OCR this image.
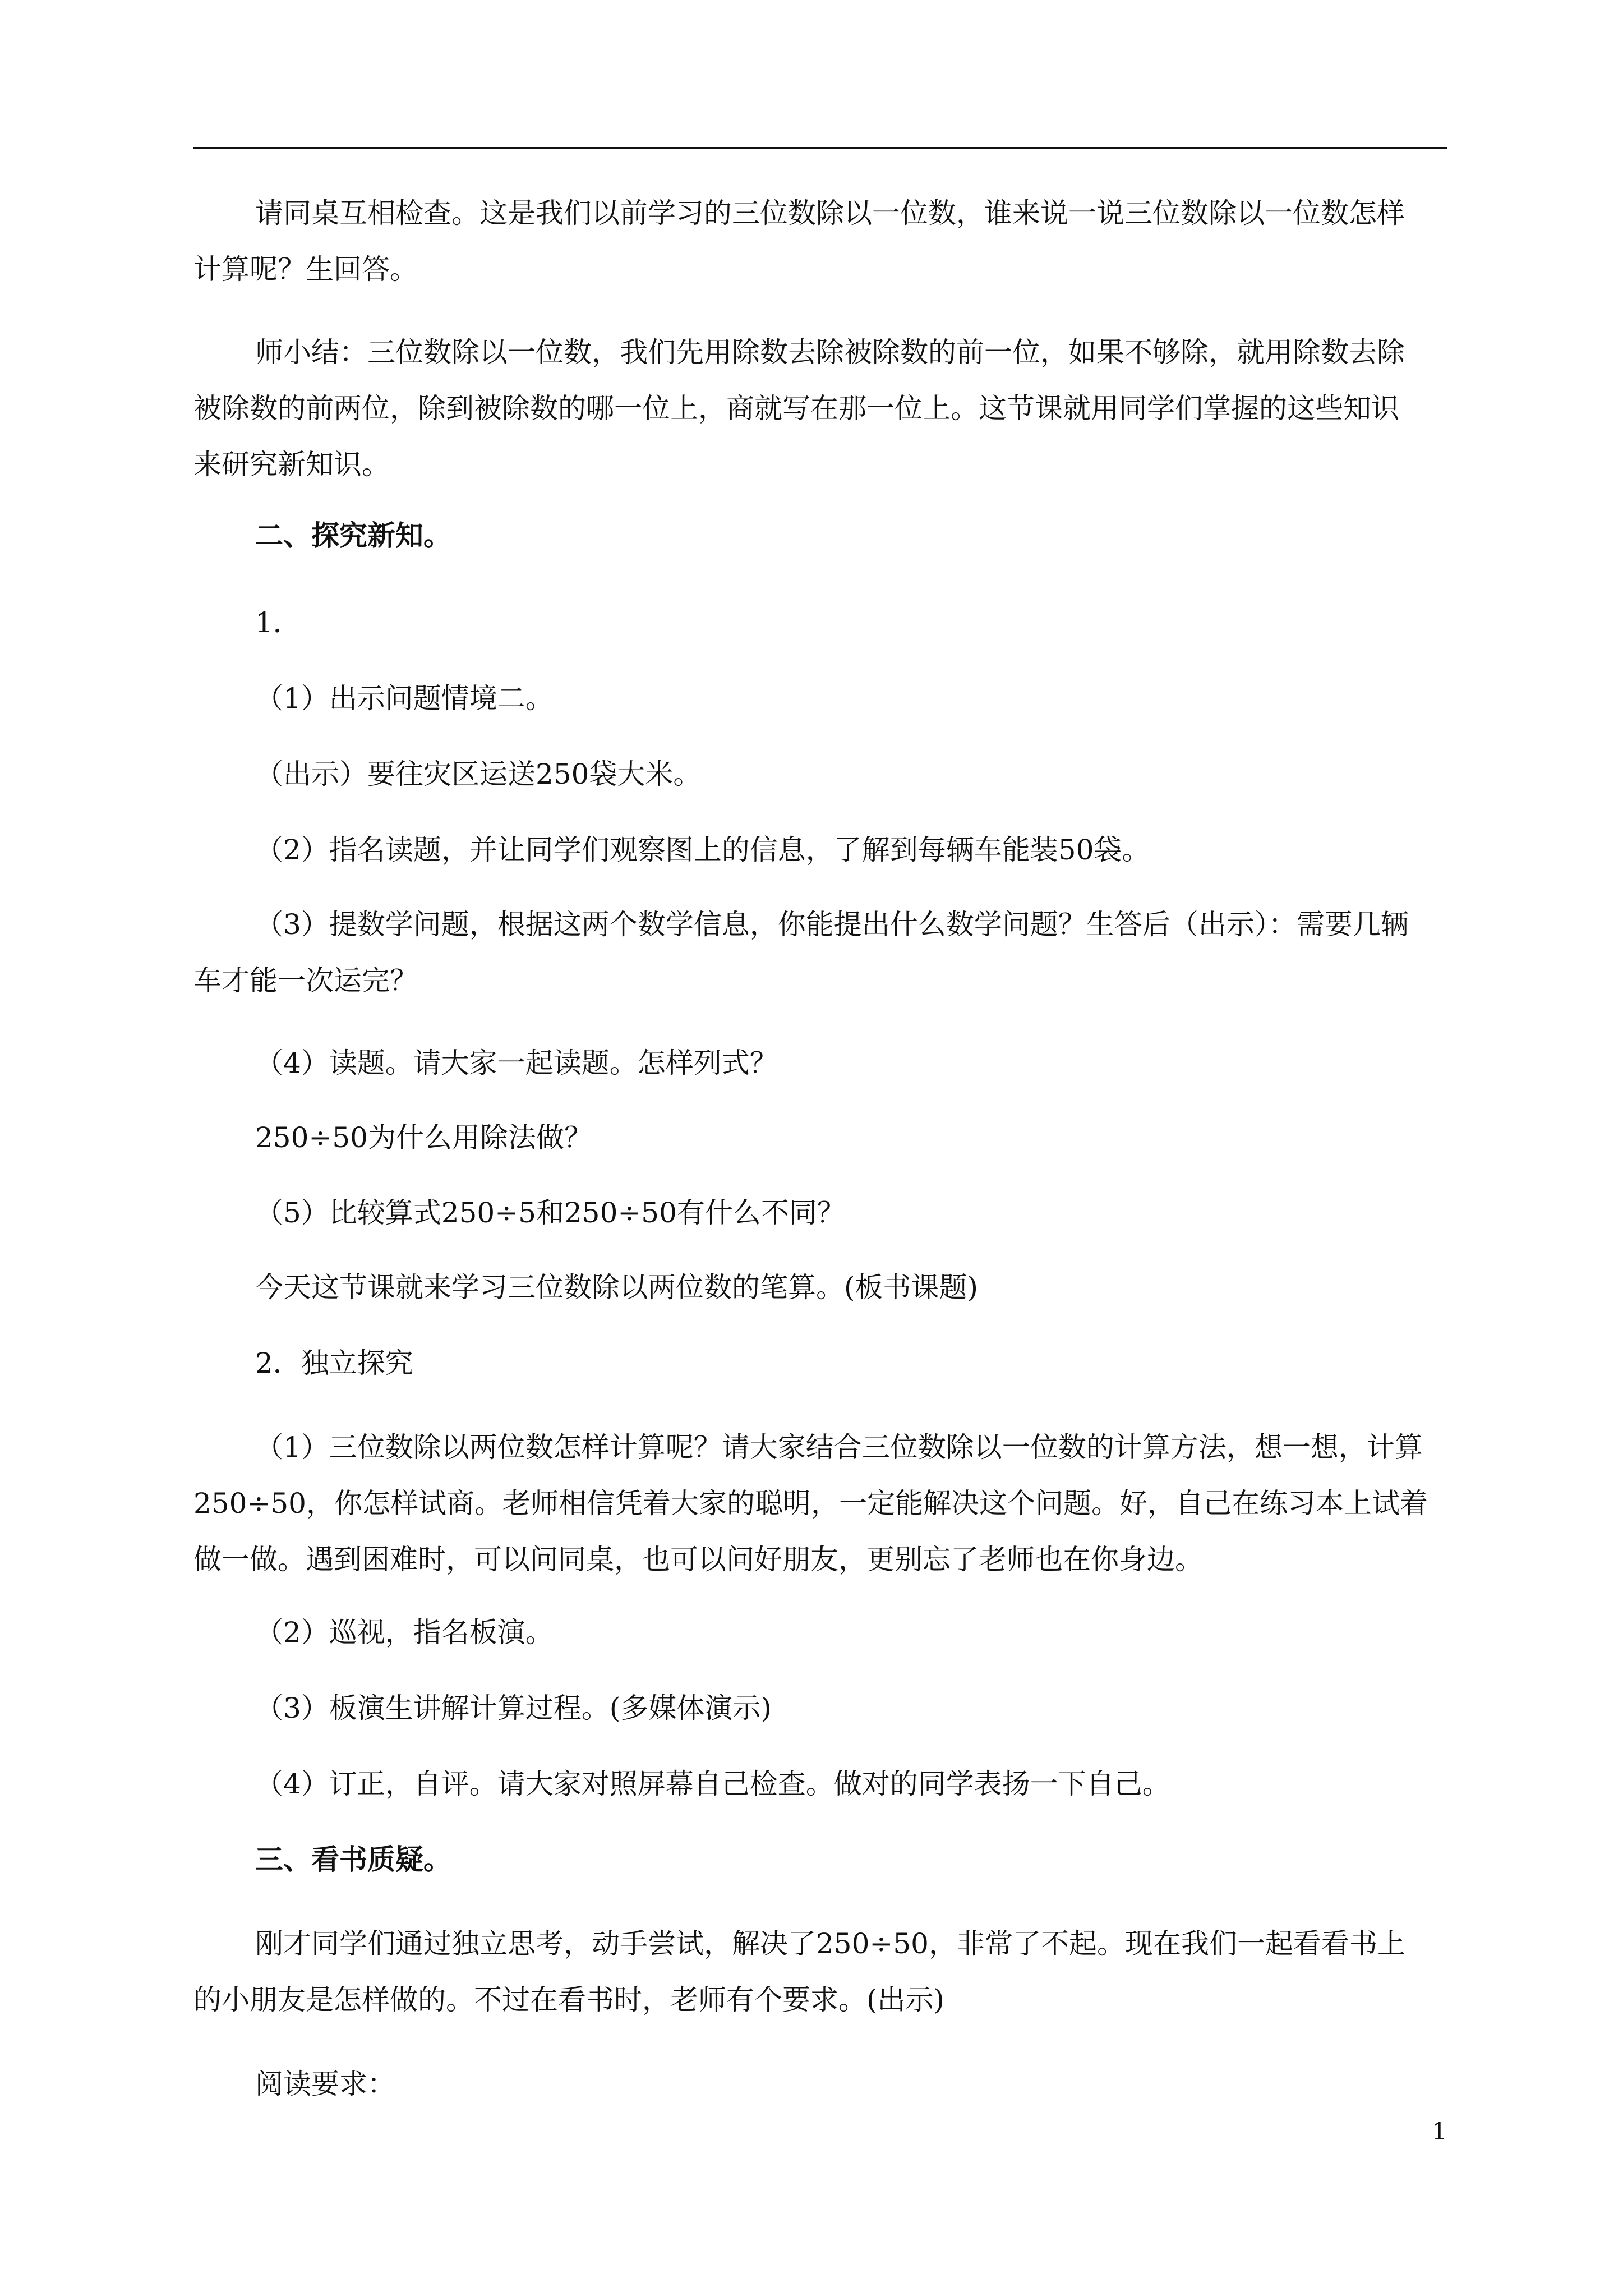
请同桌互相检查。这是我们以前学习的三位数除以一位数，谁来说一说三位数除以一位数怎样
计算呢？生回答。
师小结：三位数除以一位数，我们先用除数去除被除数的前一位，如果不够除，就用除数去除
被除数的前两位，除到被除数的哪一位上，商就写在那一位上。这节课就用同学们掌握的这些知识
来研究新知识。
二、探究新知。
1．
（1）出示问题情境二。
（出示）要往灾区运送250袋大米。
（2）指名读题，并让同学们观察图上的信息，了解到每辆车能装50袋。
（3）提数学问题，根据这两个数学信息，你能提出什么数学问题？生答后（出示）：需要几辆
车才能一次运完？
（4）读题。请大家一起读题。怎样列式？
250÷50为什么用除法做？
（5）比较算式250÷5和250÷50有什么不同？
今天这节课就来学习三位数除以两位数的笔算。(板书课题)
2．独立探究
（1）三位数除以两位数怎样计算呢？请大家结合三位数除以一位数的计算方法，想一想，计算
250÷50，你怎样试商。老师相信凭着大家的聪明，一定能解决这个问题。好，自己在练习本上试着
做一做。遇到困难时，可以问同桌，也可以问好朋友，更别忘了老师也在你身边。
（2）巡视，指名板演。
（3）板演生讲解计算过程。(多媒体演示)
（4）订正，自评。请大家对照屏幕自己检查。做对的同学表扬一下自己。
三、看书质疑。
刚才同学们通过独立思考，动手尝试，解决了250÷50，非常了不起。现在我们一起看看书上
的小朋友是怎样做的。不过在看书时，老师有个要求。(出示)
阅读要求：
1
